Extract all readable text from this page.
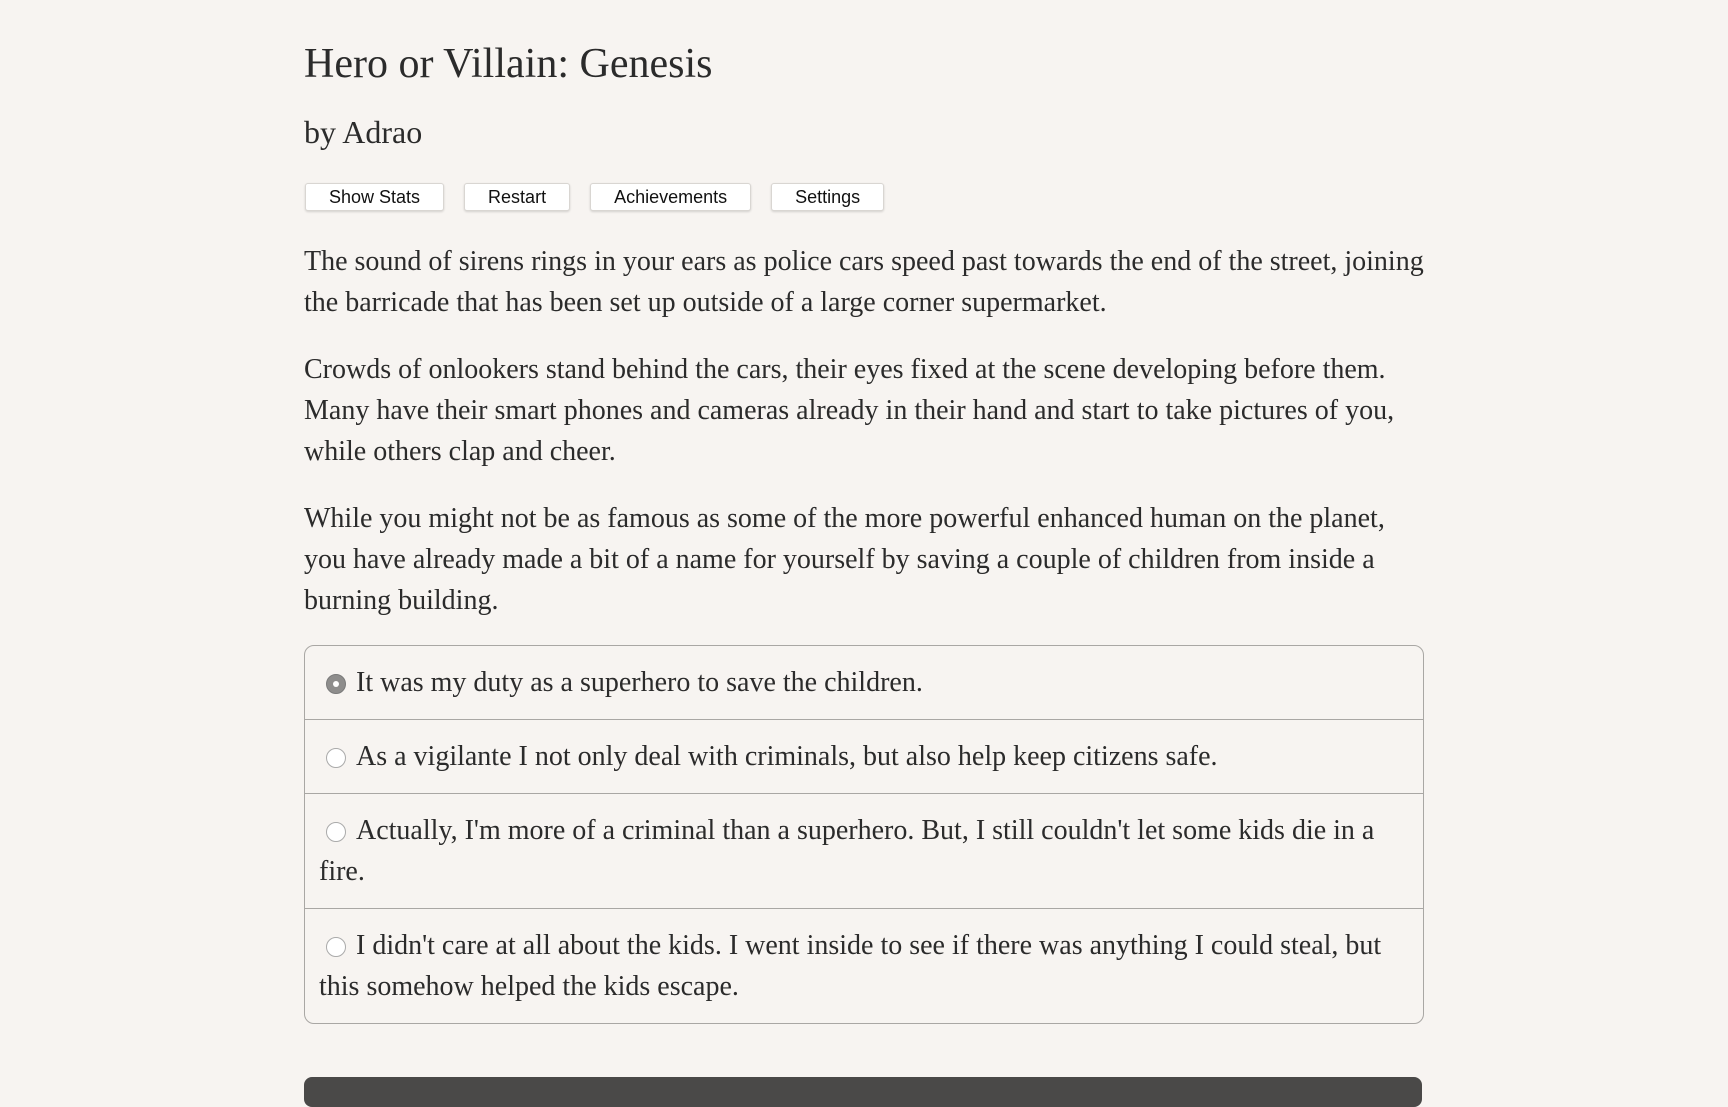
Hero or Villain: Genesis
by Adrao
Show Stats	Restart	Achievements	Settings

The sound of sirens rings in your ears as police cars speed past towards the end of the street, joining the barricade that has been set up outside of a large corner supermarket.

Crowds of onlookers stand behind the cars, their eyes fixed at the scene developing before them. Many have their smart phones and cameras already in their hand and start to take pictures of you, while others clap and cheer.

While you might not be as famous as some of the more powerful enhanced human on the planet, you have already made a bit of a name for yourself by saving a couple of children from inside a burning building.

It was my duty as a superhero to save the children.
As a vigilante I not only deal with criminals, but also help keep citizens safe.
Actually, I'm more of a criminal than a superhero. But, I still couldn't let some kids die in a fire.
I didn't care at all about the kids. I went inside to see if there was anything I could steal, but this somehow helped the kids escape.
